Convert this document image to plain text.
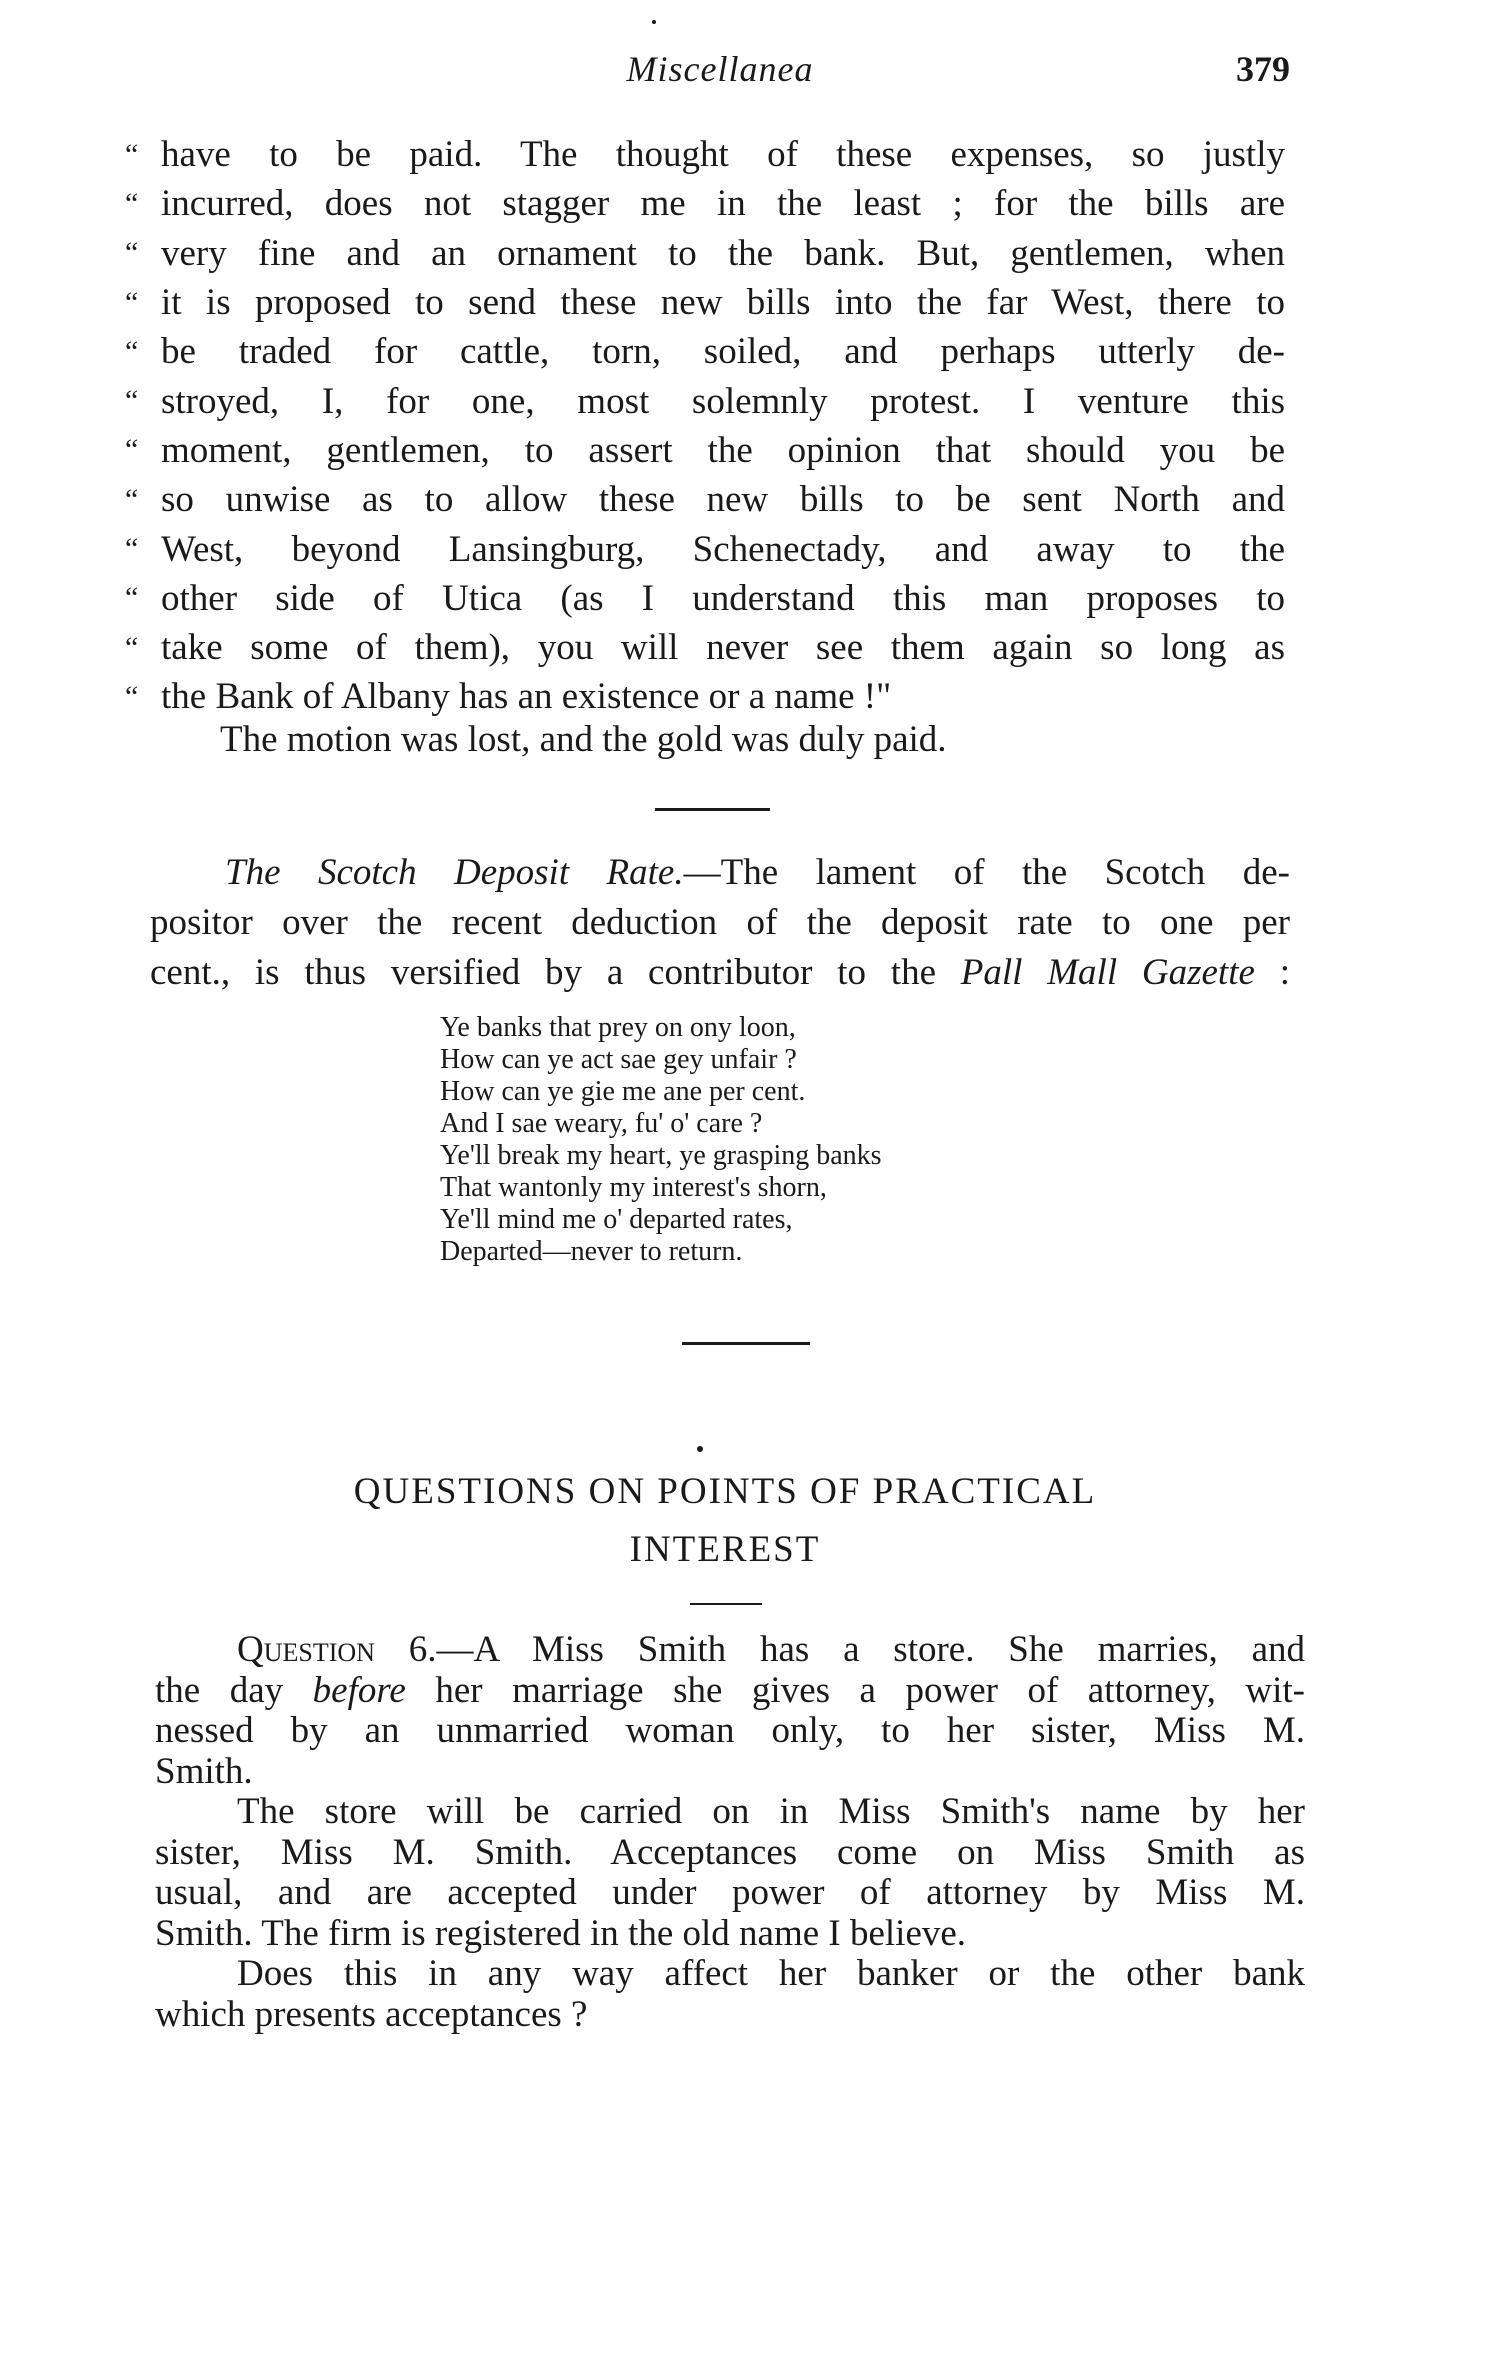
Miscellanea	379
“ have to be paid. The thought of these expenses, so justly
“ incurred, does not stagger me in the least ; for the bills are
“ very fine and an ornament to the bank. But, gentlemen, when
“ it is proposed to send these new bills into the far West, there to
“ be traded for cattle, torn, soiled, and perhaps utterly de-
“ stroyed, I, for one, most solemnly protest. I venture this
“ moment, gentlemen, to assert the opinion that should you be
“ so unwise as to allow these new bills to be sent North and
“ West, beyond Lansingburg, Schenectady, and away to the
“ other side of Utica (as I understand this man proposes to
“ take some of them), you will never see them again so long as
“ the Bank of Albany has an existence or a name !"
The motion was lost, and the gold was duly paid.
The Scotch Deposit Rate.—The lament of the Scotch de-
positor over the recent deduction of the deposit rate to one per
cent., is thus versified by a contributor to the Pall Mall Gazette :
Ye banks that prey on ony loon,
How can ye act sae gey unfair ?
How can ye gie me ane per cent.
And I sae weary, fu' o' care ?
Ye'll break my heart, ye grasping banks
That wantonly my interest's shorn,
Ye'll mind me o' departed rates,
Departed—never to return.
QUESTIONS ON POINTS OF PRACTICAL
INTEREST
Question 6.—A Miss Smith has a store. She marries, and
the day before her marriage she gives a power of attorney, wit-
nessed by an unmarried woman only, to her sister, Miss M.
Smith.
The store will be carried on in Miss Smith's name by her
sister, Miss M. Smith. Acceptances come on Miss Smith as
usual, and are accepted under power of attorney by Miss M.
Smith. The firm is registered in the old name I believe.
Does this in any way affect her banker or the other bank
which presents acceptances ?
